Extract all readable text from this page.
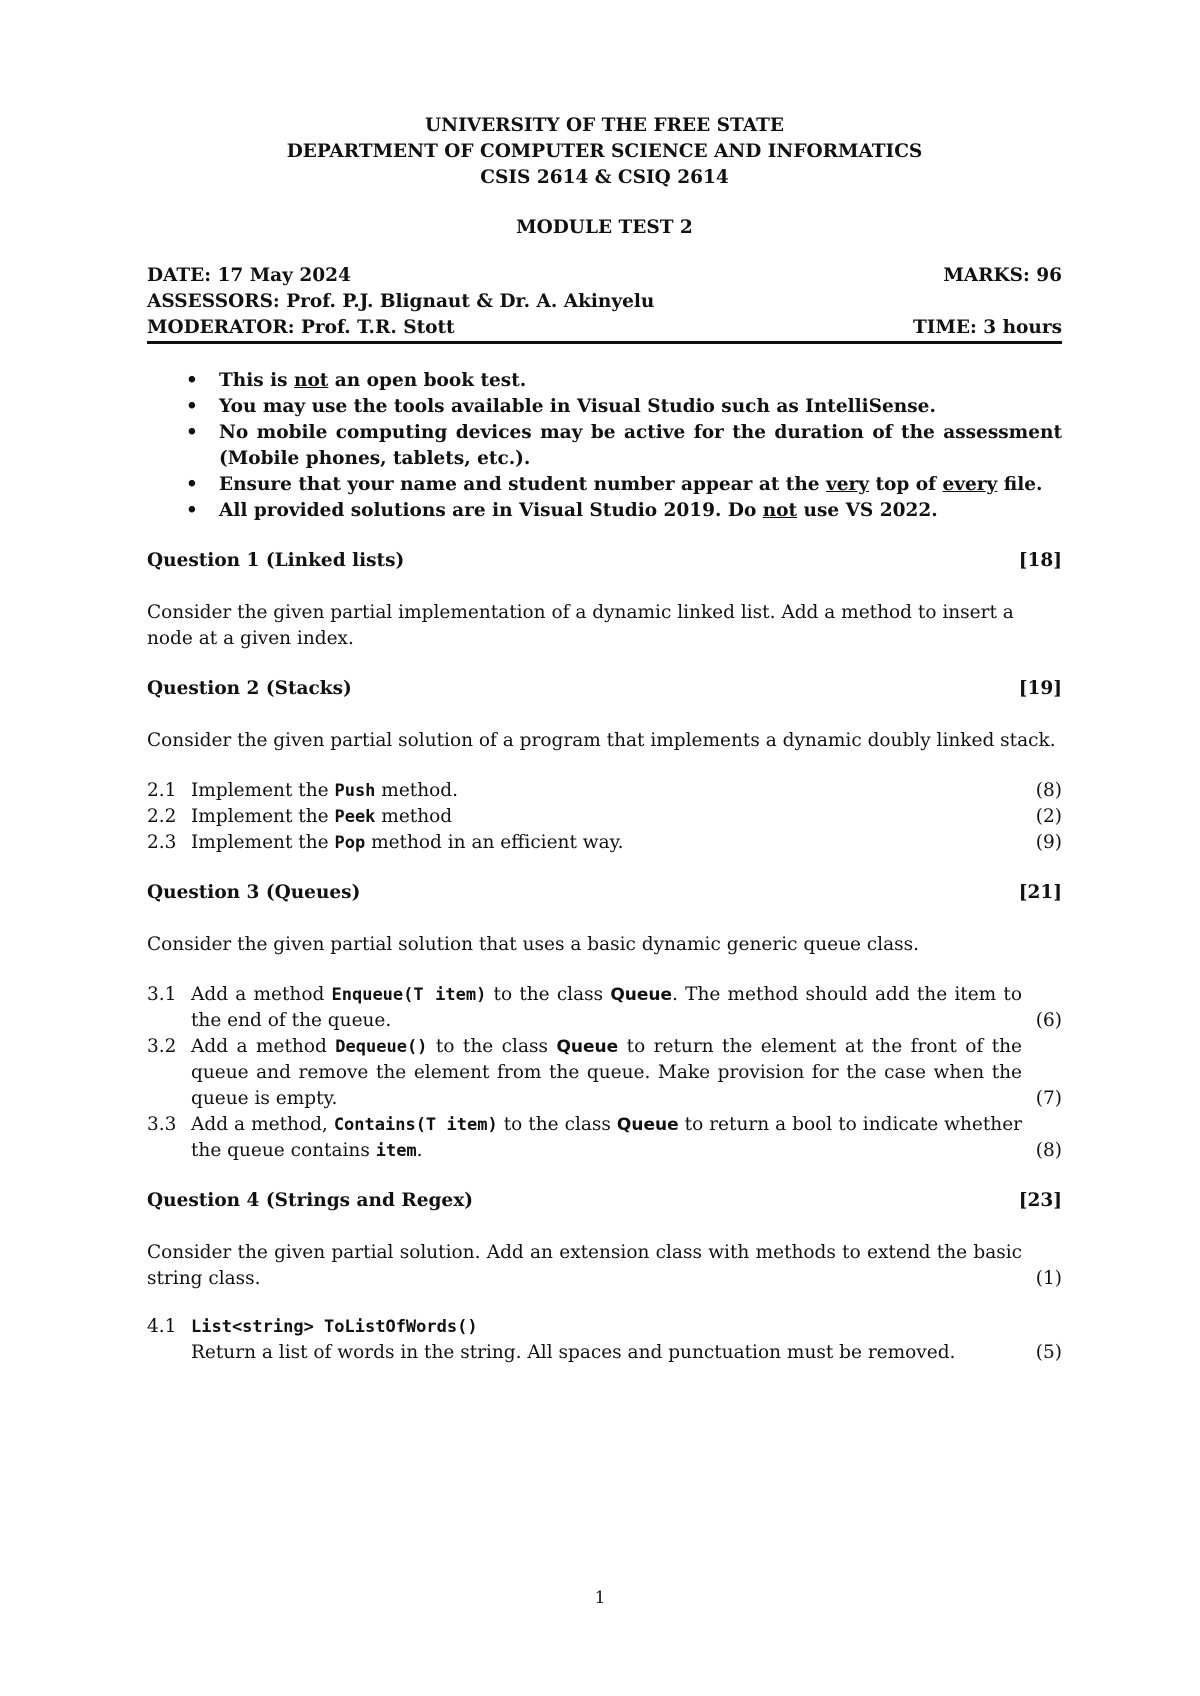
UNIVERSITY OF THE FREE STATE
DEPARTMENT OF COMPUTER SCIENCE AND INFORMATICS
CSIS 2614 & CSIQ 2614
MODULE TEST 2
DATE: 17 May 2024	MARKS: 96
ASSESSORS: Prof. P.J. Blignaut & Dr. A. Akinyelu
MODERATOR: Prof. T.R. Stott	TIME: 3 hours
• This is not an open book test.
• You may use the tools available in Visual Studio such as IntelliSense.
• No mobile computing devices may be active for the duration of the assessment (Mobile phones, tablets, etc.).
• Ensure that your name and student number appear at the very top of every file.
• All provided solutions are in Visual Studio 2019. Do not use VS 2022.
Question 1 (Linked lists)	[18]
Consider the given partial implementation of a dynamic linked list. Add a method to insert a node at a given index.
Question 2 (Stacks)	[19]
Consider the given partial solution of a program that implements a dynamic doubly linked stack.
2.1 Implement the Push method.	(8)
2.2 Implement the Peek method	(2)
2.3 Implement the Pop method in an efficient way.	(9)
Question 3 (Queues)	[21]
Consider the given partial solution that uses a basic dynamic generic queue class.
3.1 Add a method Enqueue(T item) to the class Queue. The method should add the item to the end of the queue.	(6)
3.2 Add a method Dequeue() to the class Queue to return the element at the front of the queue and remove the element from the queue. Make provision for the case when the queue is empty.	(7)
3.3 Add a method, Contains(T item) to the class Queue to return a bool to indicate whether the queue contains item.	(8)
Question 4 (Strings and Regex)	[23]
Consider the given partial solution. Add an extension class with methods to extend the basic string class.	(1)
4.1 List<string> ToListOfWords()
Return a list of words in the string. All spaces and punctuation must be removed.	(5)
1
